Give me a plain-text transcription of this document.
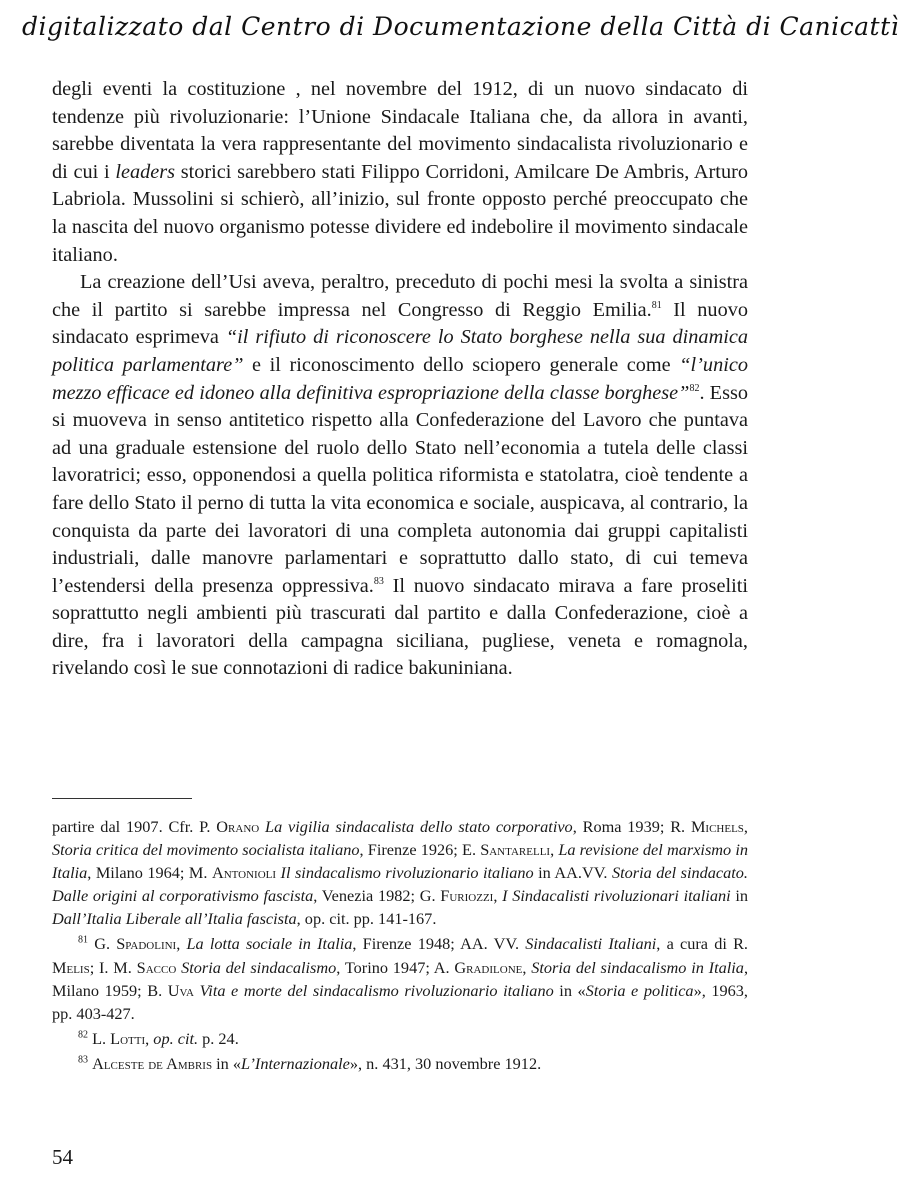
digitalizzato dal Centro di Documentazione della Città di Canicattì

degli eventi la costituzione , nel novembre del 1912, di un nuovo sindacato di tendenze più rivoluzionarie: l’Unione Sindacale Italiana che, da allora in avanti, sarebbe diventata la vera rappresentante del movimento sindacalista rivoluzionario e di cui i leaders storici sarebbero stati Filippo Corridoni, Amilcare De Ambris, Arturo Labriola. Mussolini si schierò, all’inizio, sul fronte opposto perché preoccupato che la nascita del nuovo organismo potesse dividere ed indebolire il movimento sindacale italiano.

La creazione dell’Usi aveva, peraltro, preceduto di pochi mesi la svolta a sinistra che il partito si sarebbe impressa nel Congresso di Reggio Emilia.$^{81}$ Il nuovo sindacato esprimeva “il rifiuto di riconoscere lo Stato borghese nella sua dinamica politica parlamentare” e il riconoscimento dello sciopero generale come “l’unico mezzo efficace ed idoneo alla definitiva espropriazione della classe borghese”$^{82}$. Esso si muoveva in senso antitetico rispetto alla Confederazione del Lavoro che puntava ad una graduale estensione del ruolo dello Stato nell’economia a tutela delle classi lavoratrici; esso, opponendosi a quella politica riformista e statolatra, cioè tendente a fare dello Stato il perno di tutta la vita economica e sociale, auspicava, al contrario, la conquista da parte dei lavoratori di una completa autonomia dai gruppi capitalisti industriali, dalle manovre parlamentari e soprattutto dallo stato, di cui temeva l’estendersi della presenza oppressiva.$^{83}$ Il nuovo sindacato mirava a fare proseliti soprattutto negli ambienti più trascurati dal partito e dalla Confederazione, cioè a dire, fra i lavoratori della campagna siciliana, pugliese, veneta e romagnola, rivelando così le sue connotazioni di radice bakuniniana.

partire dal 1907. Cfr. P. Orano La vigilia sindacalista dello stato corporativo, Roma 1939; R. Michels, Storia critica del movimento socialista italiano, Firenze 1926; E. Santarelli, La revisione del marxismo in Italia, Milano 1964; M. Antonioli Il sindacalismo rivoluzionario italiano in AA.VV. Storia del sindacato. Dalle origini al corporativismo fascista, Venezia 1982; G. Furiozzi, I Sindacalisti rivoluzionari italiani in Dall’Italia Liberale all’Italia fascista, op. cit. pp. 141-167.

$^{81}$ G. Spadolini, La lotta sociale in Italia, Firenze 1948; AA. VV. Sindacalisti Italiani, a cura di R. Melis; I. M. Sacco Storia del sindacalismo, Torino 1947; A. Gradilone, Storia del sindacalismo in Italia, Milano 1959; B. Uva Vita e morte del sindacalismo rivoluzionario italiano in «Storia e politica», 1963, pp. 403-427.

$^{82}$ L. Lotti, op. cit. p. 24.

$^{83}$ Alceste de Ambris in «L’Internazionale», n. 431, 30 novembre 1912.

54
